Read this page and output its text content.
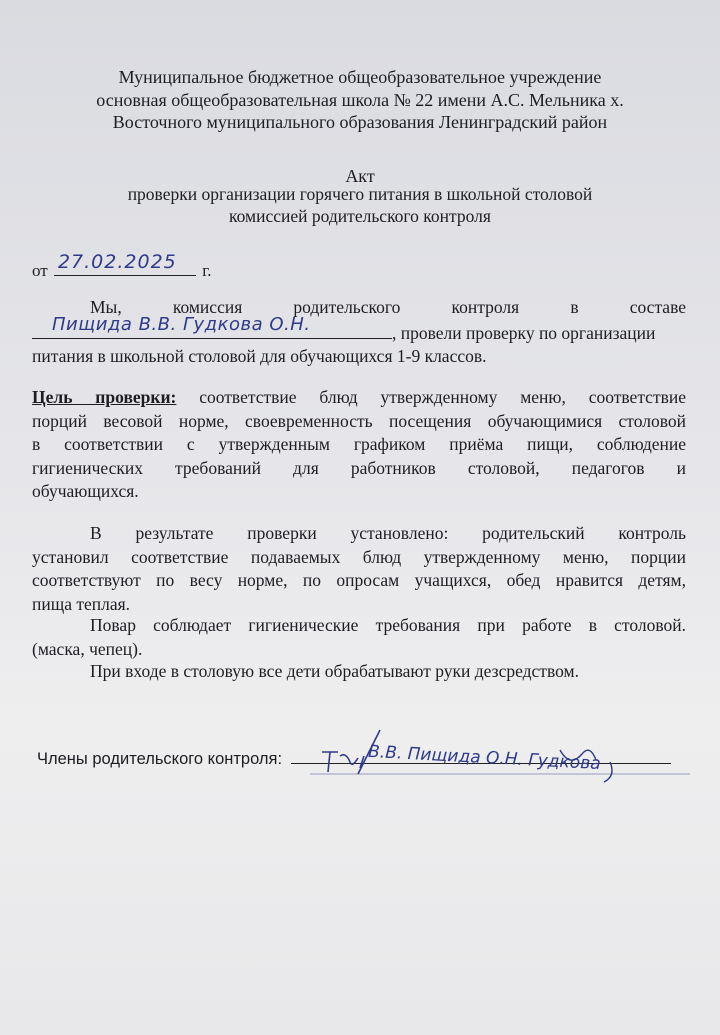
Муниципальное бюджетное общеобразовательное учреждение
основная общеобразовательная школа № 22 имени А.С. Мельника х.
Восточного муниципального образования Ленинградский район
Акт
проверки организации горячего питания в школьной столовой
комиссией родительского контроля
от 27.02.2025 г.
Мы, комиссия родительского контроля в составе
Пищида В.В. Гудкова О.Н.	, провели проверку по организации
питания в школьной столовой для обучающихся 1-9 классов.
Цель проверки: соответствие блюд утвержденному меню, соответствие
порций весовой норме, своевременность посещения обучающимися столовой
в соответствии с утвержденным графиком приёма пищи, соблюдение
гигиенических требований для работников столовой, педагогов и
обучающихся.
В результате проверки установлено: родительский контроль
установил соответствие подаваемых блюд утвержденному меню, порции
соответствуют по весу норме, по опросам учащихся, обед нравится детям,
пища теплая.
Повар соблюдает гигиенические требования при работе в столовой.
(маска, чепец).
При входе в столовую все дети обрабатывают руки дезсредством.
Члены родительского контроля:	В.В. Пищида О.Н. Гудкова
